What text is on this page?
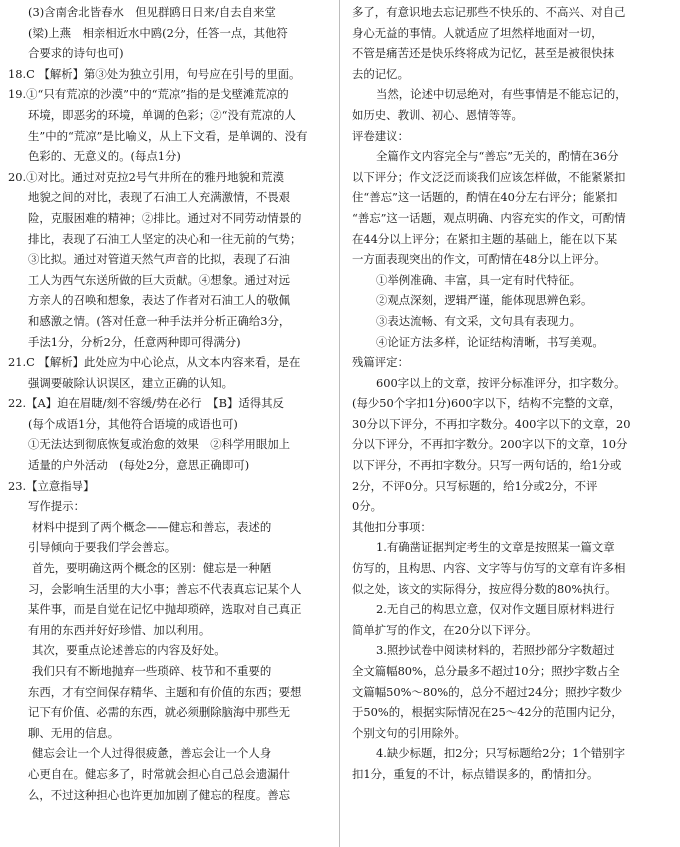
(3)含南舍北皆春水　但见群鸥日日来/自去自来堂
(梁)上燕　相亲相近水中鸥(2分，任答一点，其他符
合要求的诗句也可)
18.C 【解析】第③处为独立引用，句号应在引号的里面。
19.①“只有荒凉的沙漠”中的“荒凉”指的是戈壁滩荒凉的
环境，即恶劣的环境，单调的色彩；②“没有荒凉的人
生”中的“荒凉”是比喻义，从上下文看，是单调的、没有
色彩的、无意义的。(每点1分)
20.①对比。通过对克拉2号气井所在的雅丹地貌和荒漠
地貌之间的对比，表现了石油工人充满激情，不畏艰
险，克服困难的精神；②排比。通过对不同劳动情景的
排比，表现了石油工人坚定的决心和一往无前的气势；
③比拟。通过对管道天然气声音的比拟，表现了石油
工人为西气东送所做的巨大贡献。④想象。通过对远
方亲人的召唤和想象，表达了作者对石油工人的敬佩
和感激之情。(答对任意一种手法并分析正确给3分，
手法1分，分析2分，任意两种即可得满分)
21.C 【解析】此处应为中心论点，从文本内容来看，是在
强调要破除认识误区，建立正确的认知。
22.【A】迫在眉睫/刻不容缓/势在必行　【B】适得其反
(每个成语1分，其他符合语境的成语也可)
①无法达到彻底恢复或治愈的效果　②科学用眼加上
适量的户外活动　(每处2分，意思正确即可)
23.【立意指导】
写作提示：
材料中提到了两个概念——健忘和善忘，表述的
引导倾向于要我们学会善忘。
首先，要明确这两个概念的区别：健忘是一种陋
习，会影响生活里的大小事；善忘不代表真忘记某个人
某件事，而是自觉在记忆中抛却琐碎，选取对自己真正
有用的东西并好好珍惜、加以利用。
其次，要重点论述善忘的内容及好处。
我们只有不断地抛弃一些琐碎、枝节和不重要的
东西，才有空间保存精华、主题和有价值的东西；要想
记下有价值、必需的东西，就必须删除脑海中那些无
聊、无用的信息。
健忘会让一个人过得很疲惫，善忘会让一个人身
心更自在。健忘多了，时常就会担心自己总会遗漏什
么，不过这种担心也许更加加剧了健忘的程度。善忘
多了，有意识地去忘记那些不快乐的、不高兴、对自己
身心无益的事情。人就适应了坦然样地面对一切，
不管是痛苦还是快乐终将成为记忆，甚至是被很快抹
去的记忆。
当然，论述中切忌绝对，有些事情是不能忘记的，
如历史、教训、初心、恩情等等。
评卷建议：
全篇作文内容完全与“善忘”无关的，酌情在36分
以下评分；作文泛泛而谈我们应该怎样做，不能紧紧扣
住“善忘”这一话题的，酌情在40分左右评分；能紧扣
“善忘”这一话题，观点明确、内容充实的作文，可酌情
在44分以上评分；在紧扣主题的基础上，能在以下某
一方面表现突出的作文，可酌情在48分以上评分。
①举例准确、丰富，具一定有时代特征。
②观点深刻，逻辑严谨，能体现思辨色彩。
③表达流畅、有文采，文句具有表现力。
④论证方法多样，论证结构清晰，书写美观。
残篇评定：
600字以上的文章，按评分标准评分，扣字数分。
(每少50个字扣1分)600字以下，结构不完整的文章，
30分以下评分，不再扣字数分。400字以下的文章，20
分以下评分，不再扣字数分。200字以下的文章，10分
以下评分，不再扣字数分。只写一两句话的，给1分或
2分，不评0分。只写标题的，给1分或2分，不评
0分。
其他扣分事项：
1.有确凿证据判定考生的文章是按照某一篇文章
仿写的，且构思、内容、文字等与仿写的文章有许多相
似之处，该文的实际得分，按应得分数的80%执行。
2.无自己的构思立意，仅对作文题目原材料进行
简单扩写的作文，在20分以下评分。
3.照抄试卷中阅读材料的，若照抄部分字数超过
全文篇幅80%，总分最多不超过10分；照抄字数占全
文篇幅50%～80%的，总分不超过24分；照抄字数少
于50%的，根据实际情况在25～42分的范围内记分，
个别文句的引用除外。
4.缺少标题，扣2分；只写标题给2分；1个错别字
扣1分，重复的不计，标点错误多的，酌情扣分。
